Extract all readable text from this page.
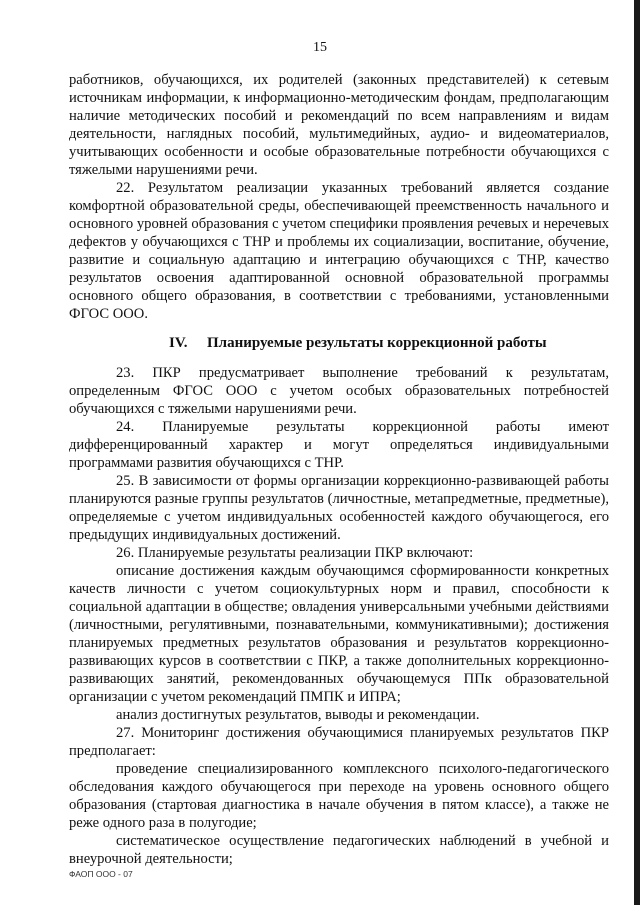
15

работников, обучающихся, их родителей (законных представителей) к сетевым источникам информации, к информационно-методическим фондам, предполагающим наличие методических пособий и рекомендаций по всем направлениям и видам деятельности, наглядных пособий, мультимедийных, аудио- и видеоматериалов, учитывающих особенности и особые образовательные потребности обучающихся с тяжелыми нарушениями речи.

22. Результатом реализации указанных требований является создание комфортной образовательной среды, обеспечивающей преемственность начального и основного уровней образования с учетом специфики проявления речевых и неречевых дефектов у обучающихся с ТНР и проблемы их социализации, воспитание, обучение, развитие и социальную адаптацию и интеграцию обучающихся с ТНР, качество результатов освоения адаптированной основной образовательной программы основного общего образования, в соответствии с требованиями, установленными ФГОС ООО.

IV. Планируемые результаты коррекционной работы

23. ПКР предусматривает выполнение требований к результатам, определенным ФГОС ООО с учетом особых образовательных потребностей обучающихся с тяжелыми нарушениями речи.

24. Планируемые результаты коррекционной работы имеют дифференцированный характер и могут определяться индивидуальными программами развития обучающихся с ТНР.

25. В зависимости от формы организации коррекционно-развивающей работы планируются разные группы результатов (личностные, метапредметные, предметные), определяемые с учетом индивидуальных особенностей каждого обучающегося, его предыдущих индивидуальных достижений.

26. Планируемые результаты реализации ПКР включают:

описание достижения каждым обучающимся сформированности конкретных качеств личности с учетом социокультурных норм и правил, способности к социальной адаптации в обществе; овладения универсальными учебными действиями (личностными, регулятивными, познавательными, коммуникативными); достижения планируемых предметных результатов образования и результатов коррекционно-развивающих курсов в соответствии с ПКР, а также дополнительных коррекционно-развивающих занятий, рекомендованных обучающемуся ППк образовательной организации с учетом рекомендаций ПМПК и ИПРА;

анализ достигнутых результатов, выводы и рекомендации.

27. Мониторинг достижения обучающимися планируемых результатов ПКР предполагает:

проведение специализированного комплексного психолого-педагогического обследования каждого обучающегося при переходе на уровень основного общего образования (стартовая диагностика в начале обучения в пятом классе), а также не реже одного раза в полугодие;

систематическое осуществление педагогических наблюдений в учебной и внеурочной деятельности;

ФАОП ООО - 07
